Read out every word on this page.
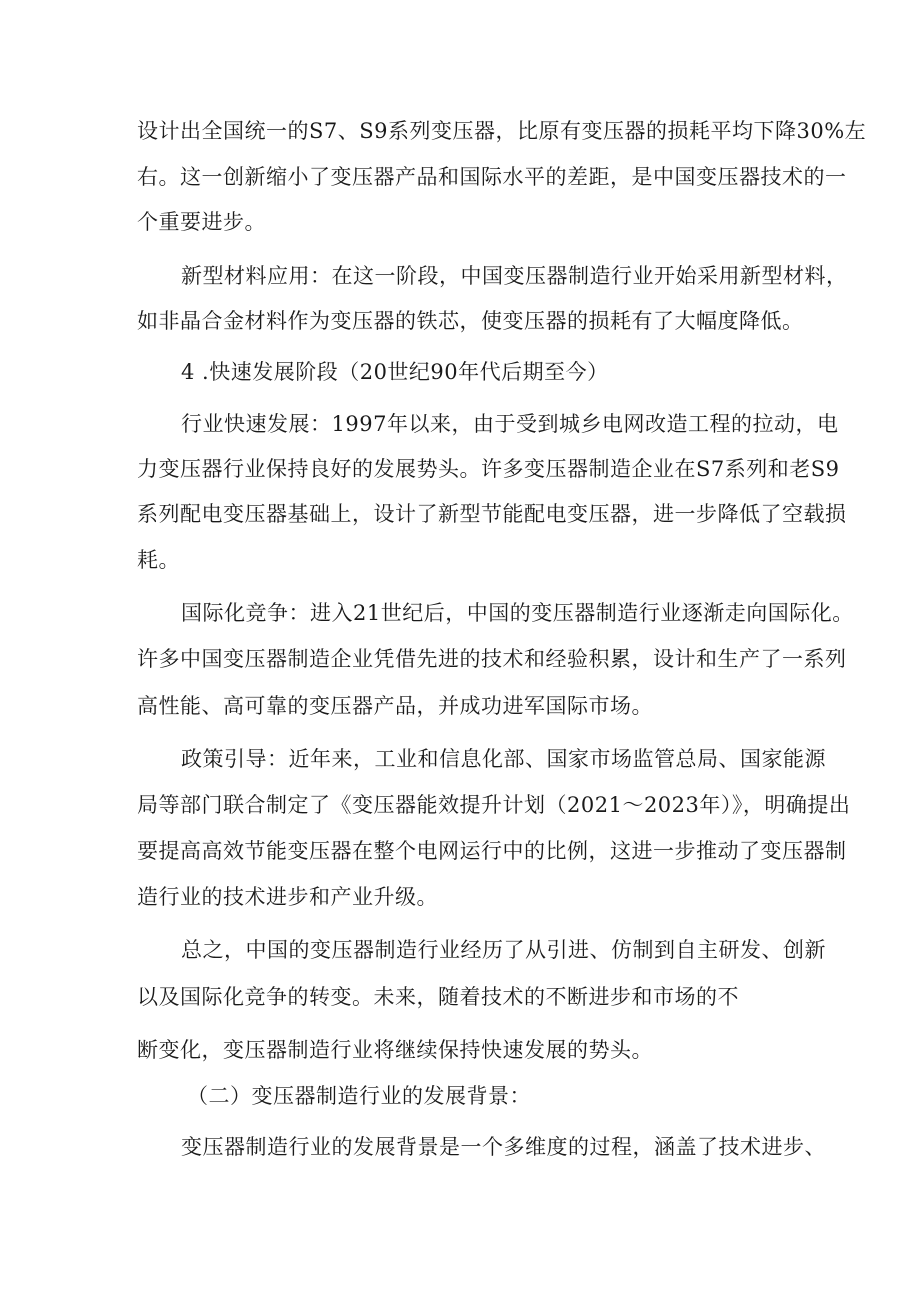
设计出全国统一的S7、S9系列变压器，比原有变压器的损耗平均下降30%左
右。这一创新缩小了变压器产品和国际水平的差距，是中国变压器技术的一
个重要进步。
新型材料应用：在这一阶段，中国变压器制造行业开始采用新型材料，
如非晶合金材料作为变压器的铁芯，使变压器的损耗有了大幅度降低。
4 .快速发展阶段（20世纪90年代后期至今）
行业快速发展：1997年以来，由于受到城乡电网改造工程的拉动，电
力变压器行业保持良好的发展势头。许多变压器制造企业在S7系列和老S9
系列配电变压器基础上，设计了新型节能配电变压器，进一步降低了空载损
耗。
国际化竞争：进入21世纪后，中国的变压器制造行业逐渐走向国际化。
许多中国变压器制造企业凭借先进的技术和经验积累，设计和生产了一系列
高性能、高可靠的变压器产品，并成功进军国际市场。
政策引导：近年来，工业和信息化部、国家市场监管总局、国家能源
局等部门联合制定了《变压器能效提升计划（2021～2023年）》，明确提出
要提高高效节能变压器在整个电网运行中的比例，这进一步推动了变压器制
造行业的技术进步和产业升级。
总之，中国的变压器制造行业经历了从引进、仿制到自主研发、创新
以及国际化竞争的转变。未来，随着技术的不断进步和市场的不
断变化，变压器制造行业将继续保持快速发展的势头。
（二）变压器制造行业的发展背景：
变压器制造行业的发展背景是一个多维度的过程，涵盖了技术进步、
